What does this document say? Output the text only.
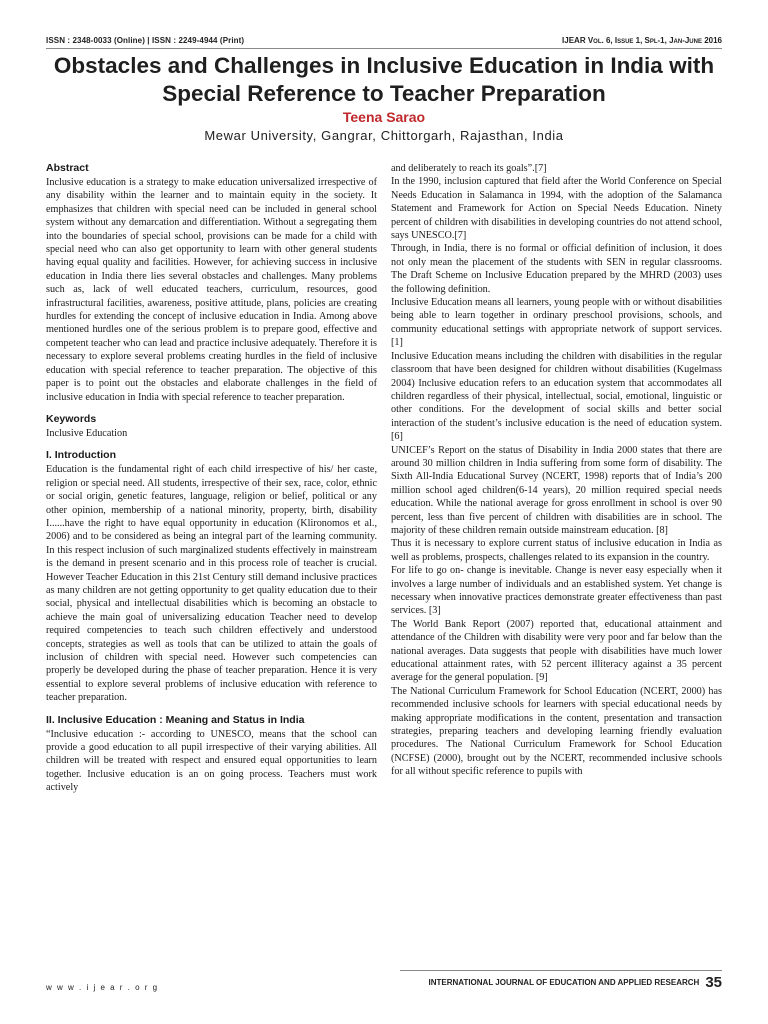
ISSN : 2348-0033 (Online) | ISSN : 2249-4944 (Print)	IJEAR Vol. 6, Issue 1, Spl-1, Jan-June 2016
Obstacles and Challenges in Inclusive Education in India with Special Reference to Teacher Preparation
Teena Sarao
Mewar University, Gangrar, Chittorgarh, Rajasthan, India
Abstract

Inclusive education is a strategy to make education universalized irrespective of any disability within the learner and to maintain equity in the society. It emphasizes that children with special need can be included in general school system without any demarcation and differentiation. Without a segregating them into the boundaries of special school, provisions can be made for a child with special need who can also get opportunity to learn with other general students having equal quality and facilities. However, for achieving success in inclusive education in India there lies several obstacles and challenges. Many problems such as, lack of well educated teachers, curriculum, resources, good infrastructural facilities, awareness, positive attitude, plans, policies are creating hurdles for extending the concept of inclusive education in India. Among above mentioned hurdles one of the serious problem is to prepare good, effective and competent teacher who can lead and practice inclusive adequately. Therefore it is necessary to explore several problems creating hurdles in the field of inclusive education with special reference to teacher preparation. The objective of this paper is to point out the obstacles and elaborate challenges in the field of inclusive education in India with special reference to teacher preparation.

Keywords

Inclusive Education

I. Introduction

Education is the fundamental right of each child irrespective of his/ her caste, religion or special need. All students, irrespective of their sex, race, color, ethnic or social origin, genetic features, language, religion or belief, political or any other opinion, membership of a national minority, property, birth, disability I......have the right to have equal opportunity in education (Klironomos et al., 2006) and to be considered as being an integral part of the learning community. In this respect inclusion of such marginalized students effectively in mainstream is the demand in present scenario and in this process role of teacher is crucial. However Teacher Education in this 21st Century still demand inclusive practices as many children are not getting opportunity to get quality education due to their social, physical and intellectual disabilities which is becoming an obstacle to achieve the main goal of universalizing education Teacher need to develop required competencies to teach such children effectively and understood concepts, strategies as well as tools that can be utilized to attain the goals of inclusion of children with special need. However such competencies can properly be developed during the phase of teacher preparation. Hence it is very essential to explore several problems of inclusive education with reference to teacher preparation.

II. Inclusive Education : Meaning and Status in India

“Inclusive education :- according to UNESCO, means that the school can provide a good education to all pupil irrespective of their varying abilities. All children will be treated with respect and ensured equal opportunities to learn together. Inclusive education is an on going process. Teachers must work actively

and deliberately to reach its goals”.[7]

In the 1990, inclusion captured that field after the World Conference on Special Needs Education in Salamanca in 1994, with the adoption of the Salamanca Statement and Framework for Action on Special Needs Education. Ninety percent of children with disabilities in developing countries do not attend school, says UNESCO.[7]

Through, in India, there is no formal or official definition of inclusion, it does not only mean the placement of the students with SEN in regular classrooms. The Draft Scheme on Inclusive Education prepared by the MHRD (2003) uses the following definition.

Inclusive Education means all learners, young people with or without disabilities being able to learn together in ordinary preschool provisions, schools, and community educational settings with appropriate network of support services. [1]

Inclusive Education means including the children with disabilities in the regular classroom that have been designed for children without disabilities (Kugelmass 2004) Inclusive education refers to an education system that accommodates all children regardless of their physical, intellectual, social, emotional, linguistic or other conditions. For the development of social skills and better social interaction of the student’s inclusive education is the need of education system. [6]

UNICEF’s Report on the status of Disability in India 2000 states that there are around 30 million children in India suffering from some form of disability. The Sixth All-India Educational Survey (NCERT, 1998) reports that of India’s 200 million school aged children(6-14 years), 20 million required special needs education. While the national average for gross enrollment in school is over 90 percent, less than five percent of children with disabilities are in school. The majority of these children remain outside mainstream education. [8]

Thus it is necessary to explore current status of inclusive education in India as well as problems, prospects, challenges related to its expansion in the country.

For life to go on- change is inevitable. Change is never easy especially when it involves a large number of individuals and an established system. Yet change is necessary when innovative practices demonstrate greater effectiveness than past services. [3]

The World Bank Report (2007) reported that, educational attainment and attendance of the Children with disability were very poor and far below than the national averages. Data suggests that people with disabilities have much lower educational attainment rates, with 52 percent illiteracy against a 35 percent average for the general population. [9]

The National Curriculum Framework for School Education (NCERT, 2000) has recommended inclusive schools for learners with special educational needs by making appropriate modifications in the content, presentation and transaction strategies, preparing teachers and developing learning friendly evaluation procedures. The National Curriculum Framework for School Education (NCFSE) (2000), brought out by the NCERT, recommended inclusive schools for all without specific reference to pupils with

w w w . i j e a r . o r g
INTERNATIONAL JOURNAL OF EDUCATION AND APPLIED RESEARCH 35
